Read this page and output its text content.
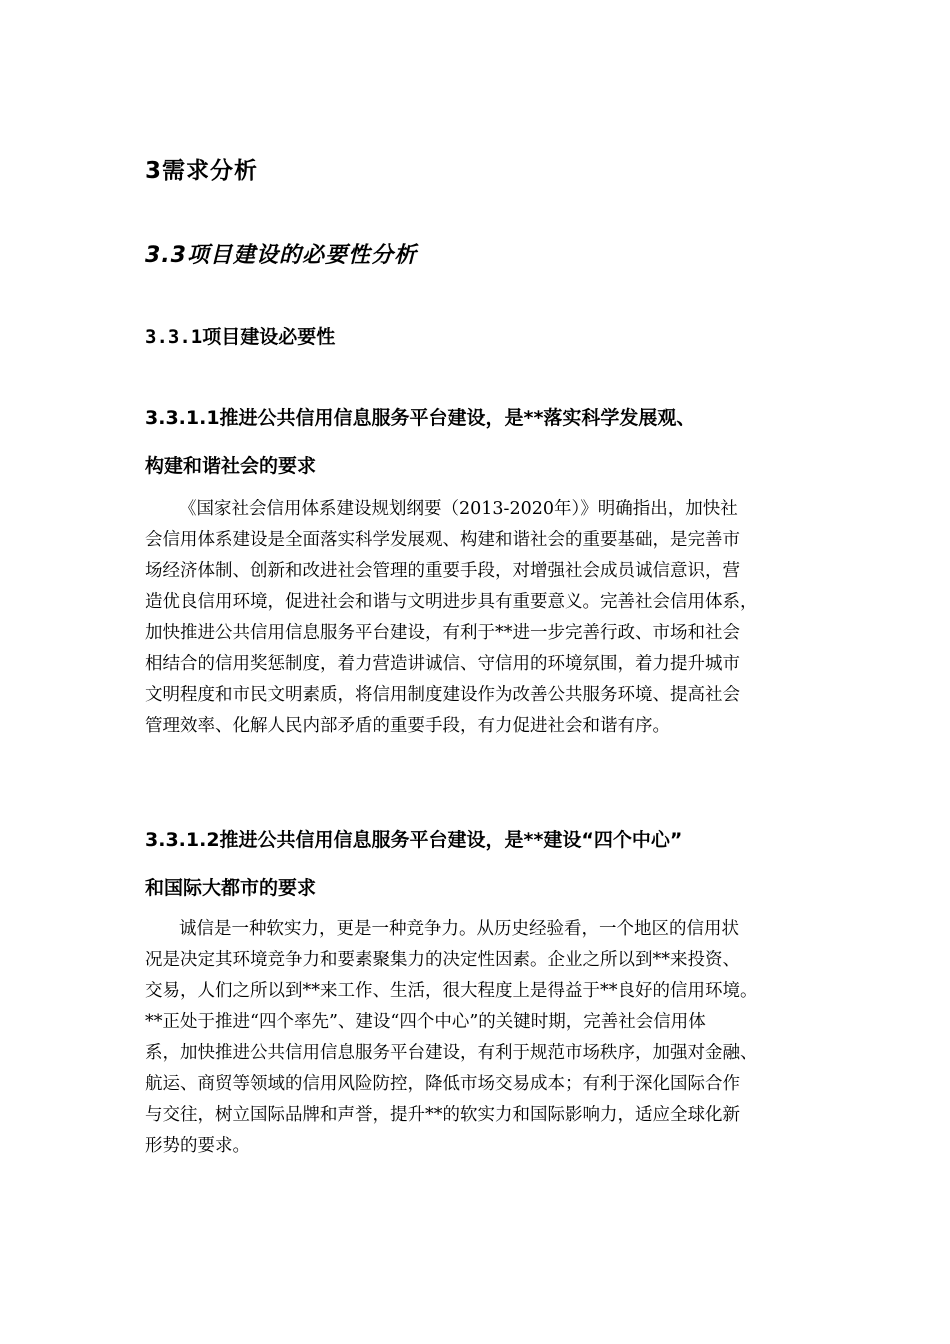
3需求分析
3.3项目建设的必要性分析
3.3.1项目建设必要性
3.3.1.1推进公共信用信息服务平台建设，是**落实科学发展观、
构建和谐社会的要求
《国家社会信用体系建设规划纲要（2013-2020年）》明确指出，加快社
会信用体系建设是全面落实科学发展观、构建和谐社会的重要基础，是完善市
场经济体制、创新和改进社会管理的重要手段，对增强社会成员诚信意识，营
造优良信用环境，促进社会和谐与文明进步具有重要意义。完善社会信用体系，
加快推进公共信用信息服务平台建设，有利于**进一步完善行政、市场和社会
相结合的信用奖惩制度，着力营造讲诚信、守信用的环境氛围，着力提升城市
文明程度和市民文明素质，将信用制度建设作为改善公共服务环境、提高社会
管理效率、化解人民内部矛盾的重要手段，有力促进社会和谐有序。
3.3.1.2推进公共信用信息服务平台建设，是**建设“四个中心”
和国际大都市的要求
诚信是一种软实力，更是一种竞争力。从历史经验看，一个地区的信用状
况是决定其环境竞争力和要素聚集力的决定性因素。企业之所以到**来投资、
交易，人们之所以到**来工作、生活，很大程度上是得益于**良好的信用环境。
**正处于推进“四个率先”、建设“四个中心”的关键时期，完善社会信用体
系，加快推进公共信用信息服务平台建设，有利于规范市场秩序，加强对金融、
航运、商贸等领域的信用风险防控，降低市场交易成本；有利于深化国际合作
与交往，树立国际品牌和声誉，提升**的软实力和国际影响力，适应全球化新
形势的要求。
